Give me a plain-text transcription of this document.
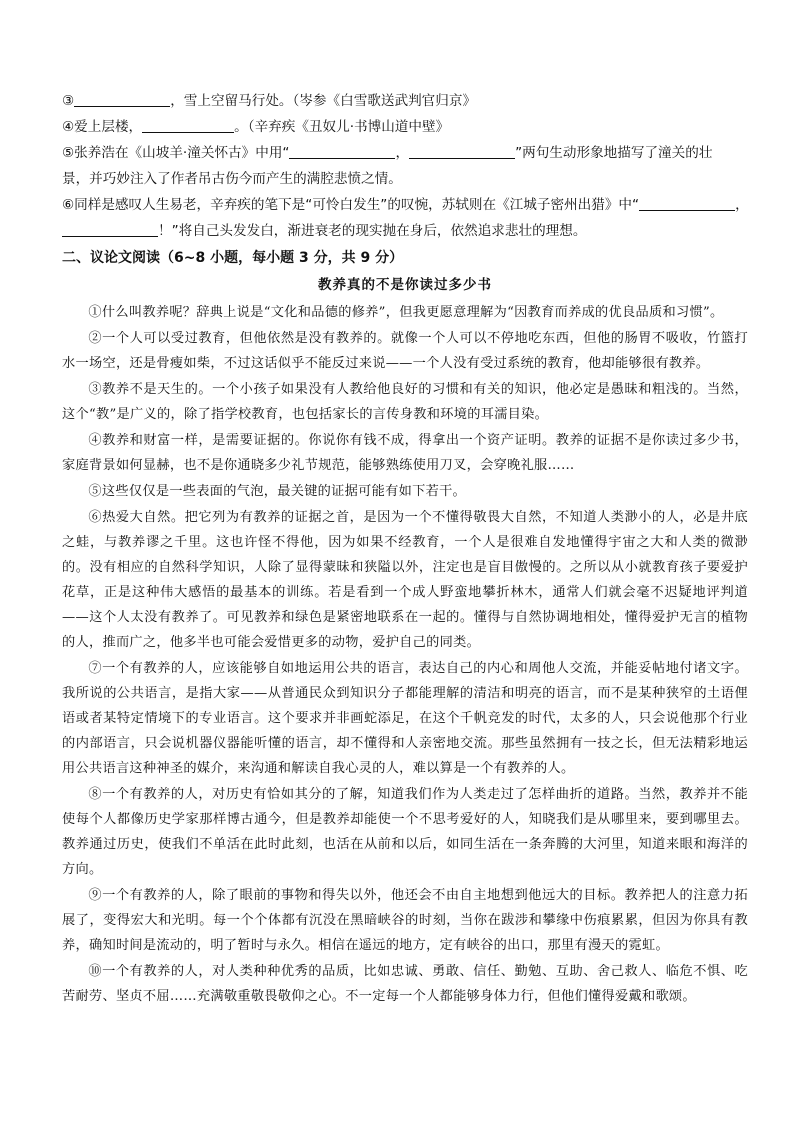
③	，雪上空留马行处。（岑参《白雪歌送武判官归京》
④爱上层楼，	。（辛弃疾《丑奴儿·书博山道中壁》
⑤张养浩在《山坡羊·潼关怀古》中用“	，	”两句生动形象地描写了潼关的壮
景，并巧妙注入了作者吊古伤今而产生的满腔悲愤之情。
⑥同样是感叹人生易老，辛弃疾的笔下是“可怜白发生”的叹惋，苏轼则在《江城子密州出猎》中“	，
！”将自己头发发白，渐进衰老的现实抛在身后，依然追求悲壮的理想。
二、议论文阅读（6~8 小题，每小题 3 分，共 9 分）
教养真的不是你读过多少书

①什么叫教养呢？辞典上说是“文化和品德的修养”，但我更愿意理解为“因教育而养成的优良品质和习惯”。

②一个人可以受过教育，但他依然是没有教养的。就像一个人可以不停地吃东西，但他的肠胃不吸收，竹篮打水一场空，还是骨瘦如柴，不过这话似乎不能反过来说——一个人没有受过系统的教育，他却能够很有教养。

③教养不是天生的。一个小孩子如果没有人教给他良好的习惯和有关的知识，他必定是愚昧和粗浅的。当然，这个“教”是广义的，除了指学校教育，也包括家长的言传身教和环境的耳濡目染。

④教养和财富一样，是需要证据的。你说你有钱不成，得拿出一个资产证明。教养的证据不是你读过多少书，家庭背景如何显赫，也不是你通晓多少礼节规范，能够熟练使用刀叉，会穿晚礼服……

⑤这些仅仅是一些表面的气泡，最关键的证据可能有如下若干。

⑥热爱大自然。把它列为有教养的证据之首，是因为一个不懂得敬畏大自然，不知道人类渺小的人，必是井底之蛙，与教养谬之千里。这也许怪不得他，因为如果不经教育，一个人是很难自发地懂得宇宙之大和人类的微渺的。没有相应的自然科学知识，人除了显得蒙昧和狭隘以外，注定也是盲目傲慢的。之所以从小就教育孩子要爱护花草，正是这种伟大感悟的最基本的训练。若是看到一个成人野蛮地攀折林木，通常人们就会毫不迟疑地评判道——这个人太没有教养了。可见教养和绿色是紧密地联系在一起的。懂得与自然协调地相处，懂得爱护无言的植物的人，推而广之，他多半也可能会爱惜更多的动物，爱护自己的同类。

⑦一个有教养的人，应该能够自如地运用公共的语言，表达自己的内心和周他人交流，并能妥帖地付诸文字。我所说的公共语言，是指大家——从普通民众到知识分子都能理解的清洁和明亮的语言，而不是某种狭窄的土语俚语或者某特定情境下的专业语言。这个要求并非画蛇添足，在这个千帆竞发的时代，太多的人，只会说他那个行业的内部语言，只会说机器仪器能听懂的语言，却不懂得和人亲密地交流。那些虽然拥有一技之长，但无法精彩地运用公共语言这种神圣的媒介，来沟通和解读自我心灵的人，难以算是一个有教养的人。

⑧一个有教养的人，对历史有恰如其分的了解，知道我们作为人类走过了怎样曲折的道路。当然，教养并不能使每个人都像历史学家那样博古通今，但是教养却能使一个不思考爱好的人，知晓我们是从哪里来，要到哪里去。教养通过历史，使我们不单活在此时此刻，也活在从前和以后，如同生活在一条奔腾的大河里，知道来眼和海洋的方向。

⑨一个有教养的人，除了眼前的事物和得失以外，他还会不由自主地想到他远大的目标。教养把人的注意力拓展了，变得宏大和光明。每一个个体都有沉没在黑暗峡谷的时刻，当你在跋涉和攀缘中伤痕累累，但因为你具有教养，确知时间是流动的，明了暂时与永久。相信在遥远的地方，定有峡谷的出口，那里有漫天的霓虹。

⑩一个有教养的人，对人类种种优秀的品质，比如忠诚、勇敢、信任、勤勉、互助、舍己救人、临危不惧、吃苦耐劳、坚贞不屈……充满敬重敬畏敬仰之心。不一定每一个人都能够身体力行，但他们懂得爱戴和歌颂。
